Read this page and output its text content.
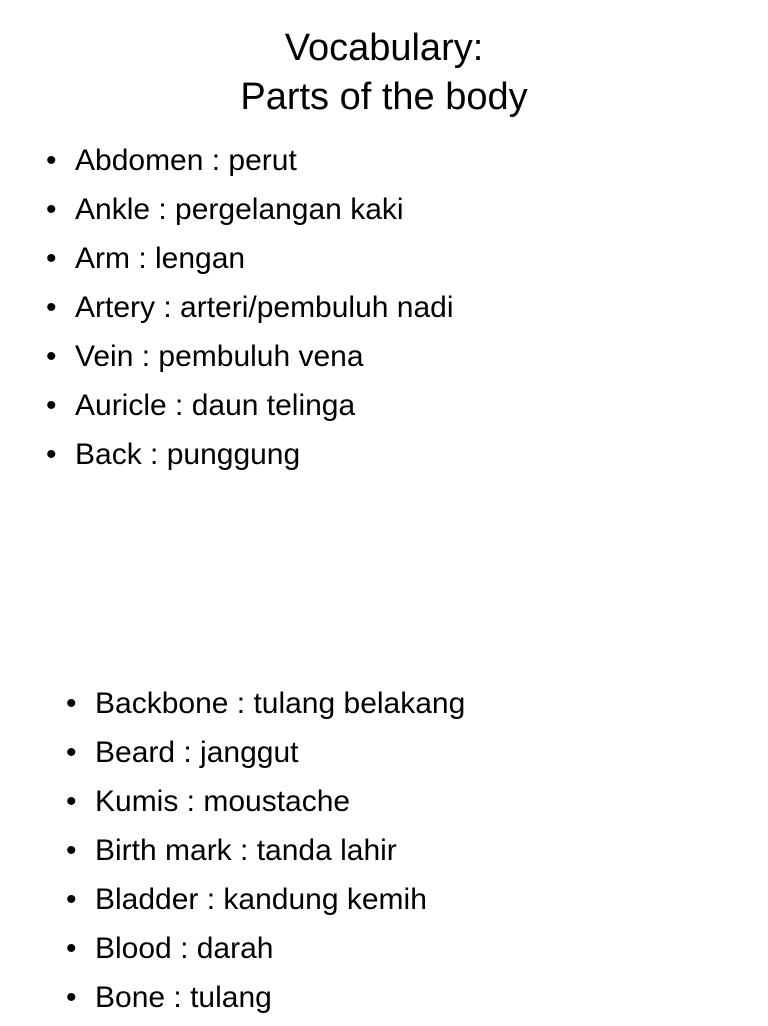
Vocabulary:
Parts of the body
• Abdomen : perut
• Ankle : pergelangan kaki
• Arm : lengan
• Artery : arteri/pembuluh nadi
• Vein : pembuluh vena
• Auricle : daun telinga
• Back : punggung
• Backbone : tulang belakang
• Beard : janggut
• Kumis : moustache
• Birth mark : tanda lahir
• Bladder : kandung kemih
• Blood : darah
• Bone : tulang
